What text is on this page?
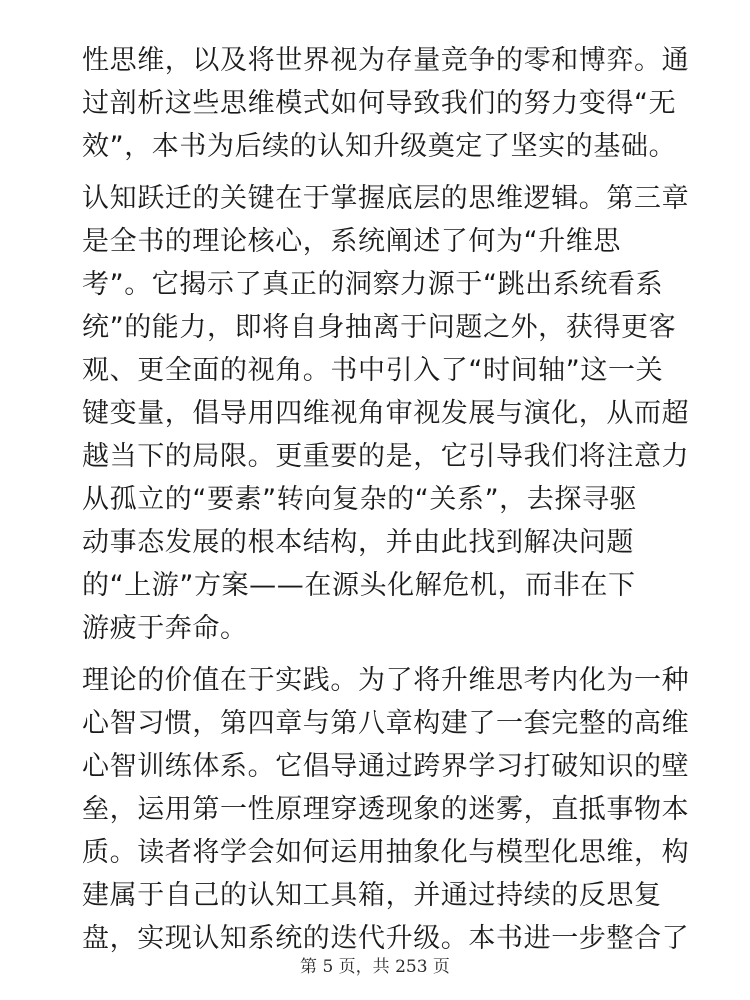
性思维，以及将世界视为存量竞争的零和博弈。通
过剖析这些思维模式如何导致我们的努力变得“无
效”，本书为后续的认知升级奠定了坚实的基础。
认知跃迁的关键在于掌握底层的思维逻辑。第三章
是全书的理论核心，系统阐述了何为“升维思
考”。它揭示了真正的洞察力源于“跳出系统看系
统”的能力，即将自身抽离于问题之外，获得更客
观、更全面的视角。书中引入了“时间轴”这一关
键变量，倡导用四维视角审视发展与演化，从而超
越当下的局限。更重要的是，它引导我们将注意力
从孤立的“要素”转向复杂的“关系”，去探寻驱
动事态发展的根本结构，并由此找到解决问题
的“上游”方案——在源头化解危机，而非在下
游疲于奔命。
理论的价值在于实践。为了将升维思考内化为一种
心智习惯，第四章与第八章构建了一套完整的高维
心智训练体系。它倡导通过跨界学习打破知识的壁
垒，运用第一性原理穿透现象的迷雾，直抵事物本
质。读者将学会如何运用抽象化与模型化思维，构
建属于自己的认知工具箱，并通过持续的反思复
盘，实现认知系统的迭代升级。本书进一步整合了
第 5 页，共 253 页
